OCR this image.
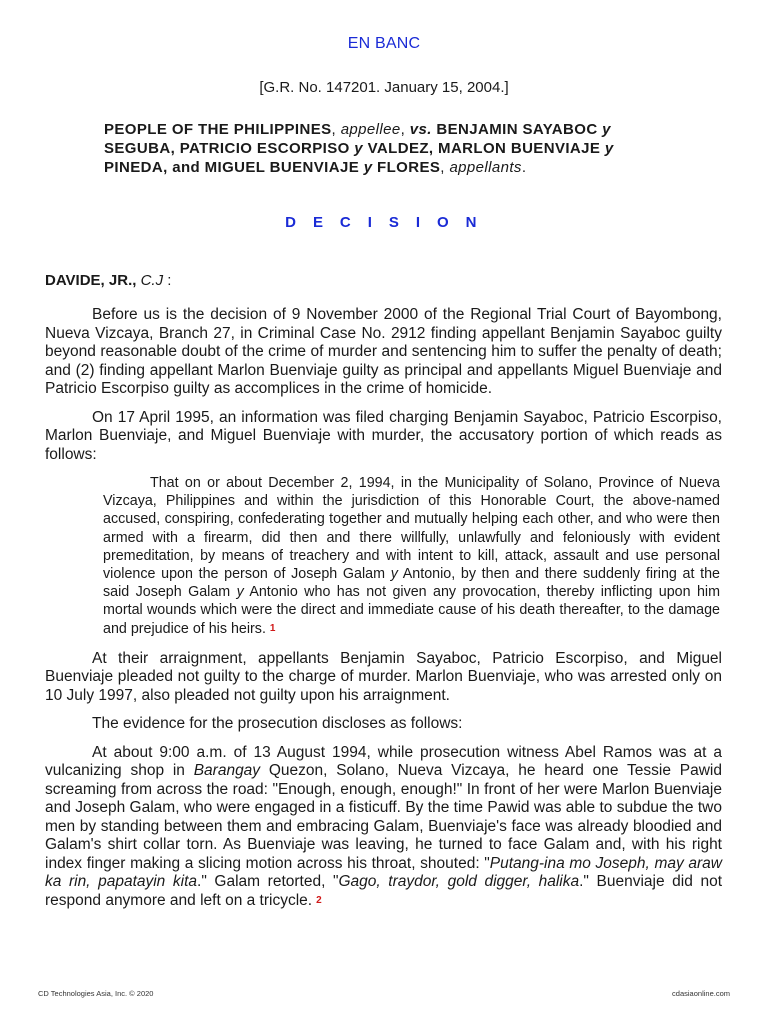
EN BANC
[G.R. No. 147201. January 15, 2004.]
PEOPLE OF THE PHILIPPINES, appellee, vs. BENJAMIN SAYABOC y SEGUBA, PATRICIO ESCORPISO y VALDEZ, MARLON BUENVIAJE y PINEDA, and MIGUEL BUENVIAJE y FLORES, appellants.
D E C I S I O N
DAVIDE, JR., C.J :

Before us is the decision of 9 November 2000 of the Regional Trial Court of Bayombong, Nueva Vizcaya, Branch 27, in Criminal Case No. 2912 finding appellant Benjamin Sayaboc guilty beyond reasonable doubt of the crime of murder and sentencing him to suffer the penalty of death; and (2) finding appellant Marlon Buenviaje guilty as principal and appellants Miguel Buenviaje and Patricio Escorpiso guilty as accomplices in the crime of homicide.

On 17 April 1995, an information was filed charging Benjamin Sayaboc, Patricio Escorpiso, Marlon Buenviaje, and Miguel Buenviaje with murder, the accusatory portion of which reads as follows:

That on or about December 2, 1994, in the Municipality of Solano, Province of Nueva Vizcaya, Philippines and within the jurisdiction of this Honorable Court, the above-named accused, conspiring, confederating together and mutually helping each other, and who were then armed with a firearm, did then and there willfully, unlawfully and feloniously with evident premeditation, by means of treachery and with intent to kill, attack, assault and use personal violence upon the person of Joseph Galam y Antonio, by then and there suddenly firing at the said Joseph Galam y Antonio who has not given any provocation, thereby inflicting upon him mortal wounds which were the direct and immediate cause of his death thereafter, to the damage and prejudice of his heirs. $^1$

At their arraignment, appellants Benjamin Sayaboc, Patricio Escorpiso, and Miguel Buenviaje pleaded not guilty to the charge of murder. Marlon Buenviaje, who was arrested only on 10 July 1997, also pleaded not guilty upon his arraignment.

The evidence for the prosecution discloses as follows:

At about 9:00 a.m. of 13 August 1994, while prosecution witness Abel Ramos was at a vulcanizing shop in Barangay Quezon, Solano, Nueva Vizcaya, he heard one Tessie Pawid screaming from across the road: "Enough, enough, enough!" In front of her were Marlon Buenviaje and Joseph Galam, who were engaged in a fisticuff. By the time Pawid was able to subdue the two men by standing between them and embracing Galam, Buenviaje's face was already bloodied and Galam's shirt collar torn. As Buenviaje was leaving, he turned to face Galam and, with his right index finger making a slicing motion across his throat, shouted: "Putang-ina mo Joseph, may araw ka rin, papatayin kita." Galam retorted, "Gago, traydor, gold digger, halika." Buenviaje did not respond anymore and left on a tricycle. $^2$

CD Technologies Asia, Inc. © 2020	cdasiaonline.com
